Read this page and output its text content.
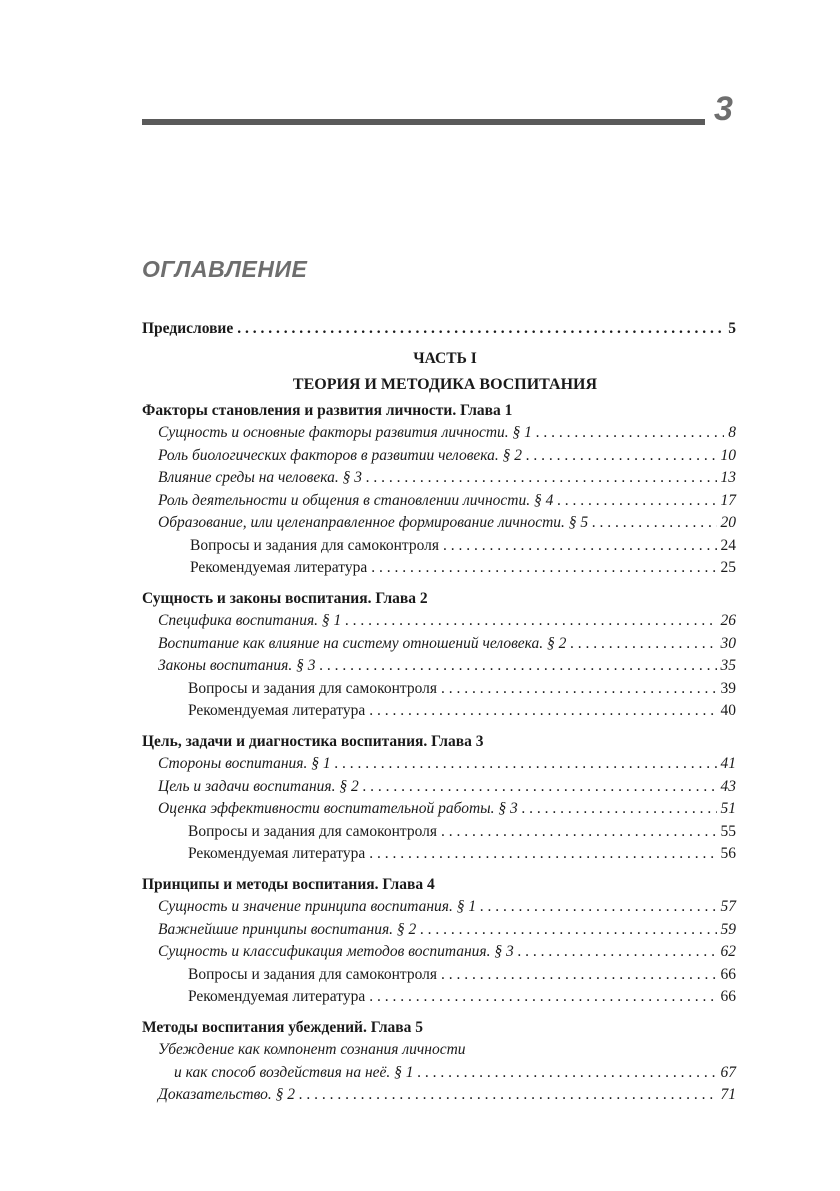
3
ОГЛАВЛЕНИЕ
Предисловие . . .	5
ЧАСТЬ I
ТЕОРИЯ И МЕТОДИКА ВОСПИТАНИЯ
Факторы становления и развития личности. Глава 1
Сущность и основные факторы развития личности. § 1 . . .	8
Роль биологических факторов в развитии человека. § 2 . . .	10
Влияние среды на человека. § 3 . . .	13
Роль деятельности и общения в становлении личности. § 4 . . .	17
Образование, или целенаправленное формирование личности. § 5 . . .	20
Вопросы и задания для самоконтроля . . .	24
Рекомендуемая литература . . .	25
Сущность и законы воспитания. Глава 2
Специфика воспитания. § 1 . . .	26
Воспитание как влияние на систему отношений человека. § 2 . . .	30
Законы воспитания. § 3 . . .	35
Вопросы и задания для самоконтроля . . .	39
Рекомендуемая литература . . .	40
Цель, задачи и диагностика воспитания. Глава 3
Стороны воспитания. § 1 . . .	41
Цель и задачи воспитания. § 2 . . .	43
Оценка эффективности воспитательной работы. § 3 . . .	51
Вопросы и задания для самоконтроля . . .	55
Рекомендуемая литература . . .	56
Принципы и методы воспитания. Глава 4
Сущность и значение принципа воспитания. § 1 . . .	57
Важнейшие принципы воспитания. § 2 . . .	59
Сущность и классификация методов воспитания. § 3 . . .	62
Вопросы и задания для самоконтроля . . .	66
Рекомендуемая литература . . .	66
Методы воспитания убеждений. Глава 5
Убеждение как компонент сознания личности
и как способ воздействия на неё. § 1 . . .	67
Доказательство. § 2 . . .	71
